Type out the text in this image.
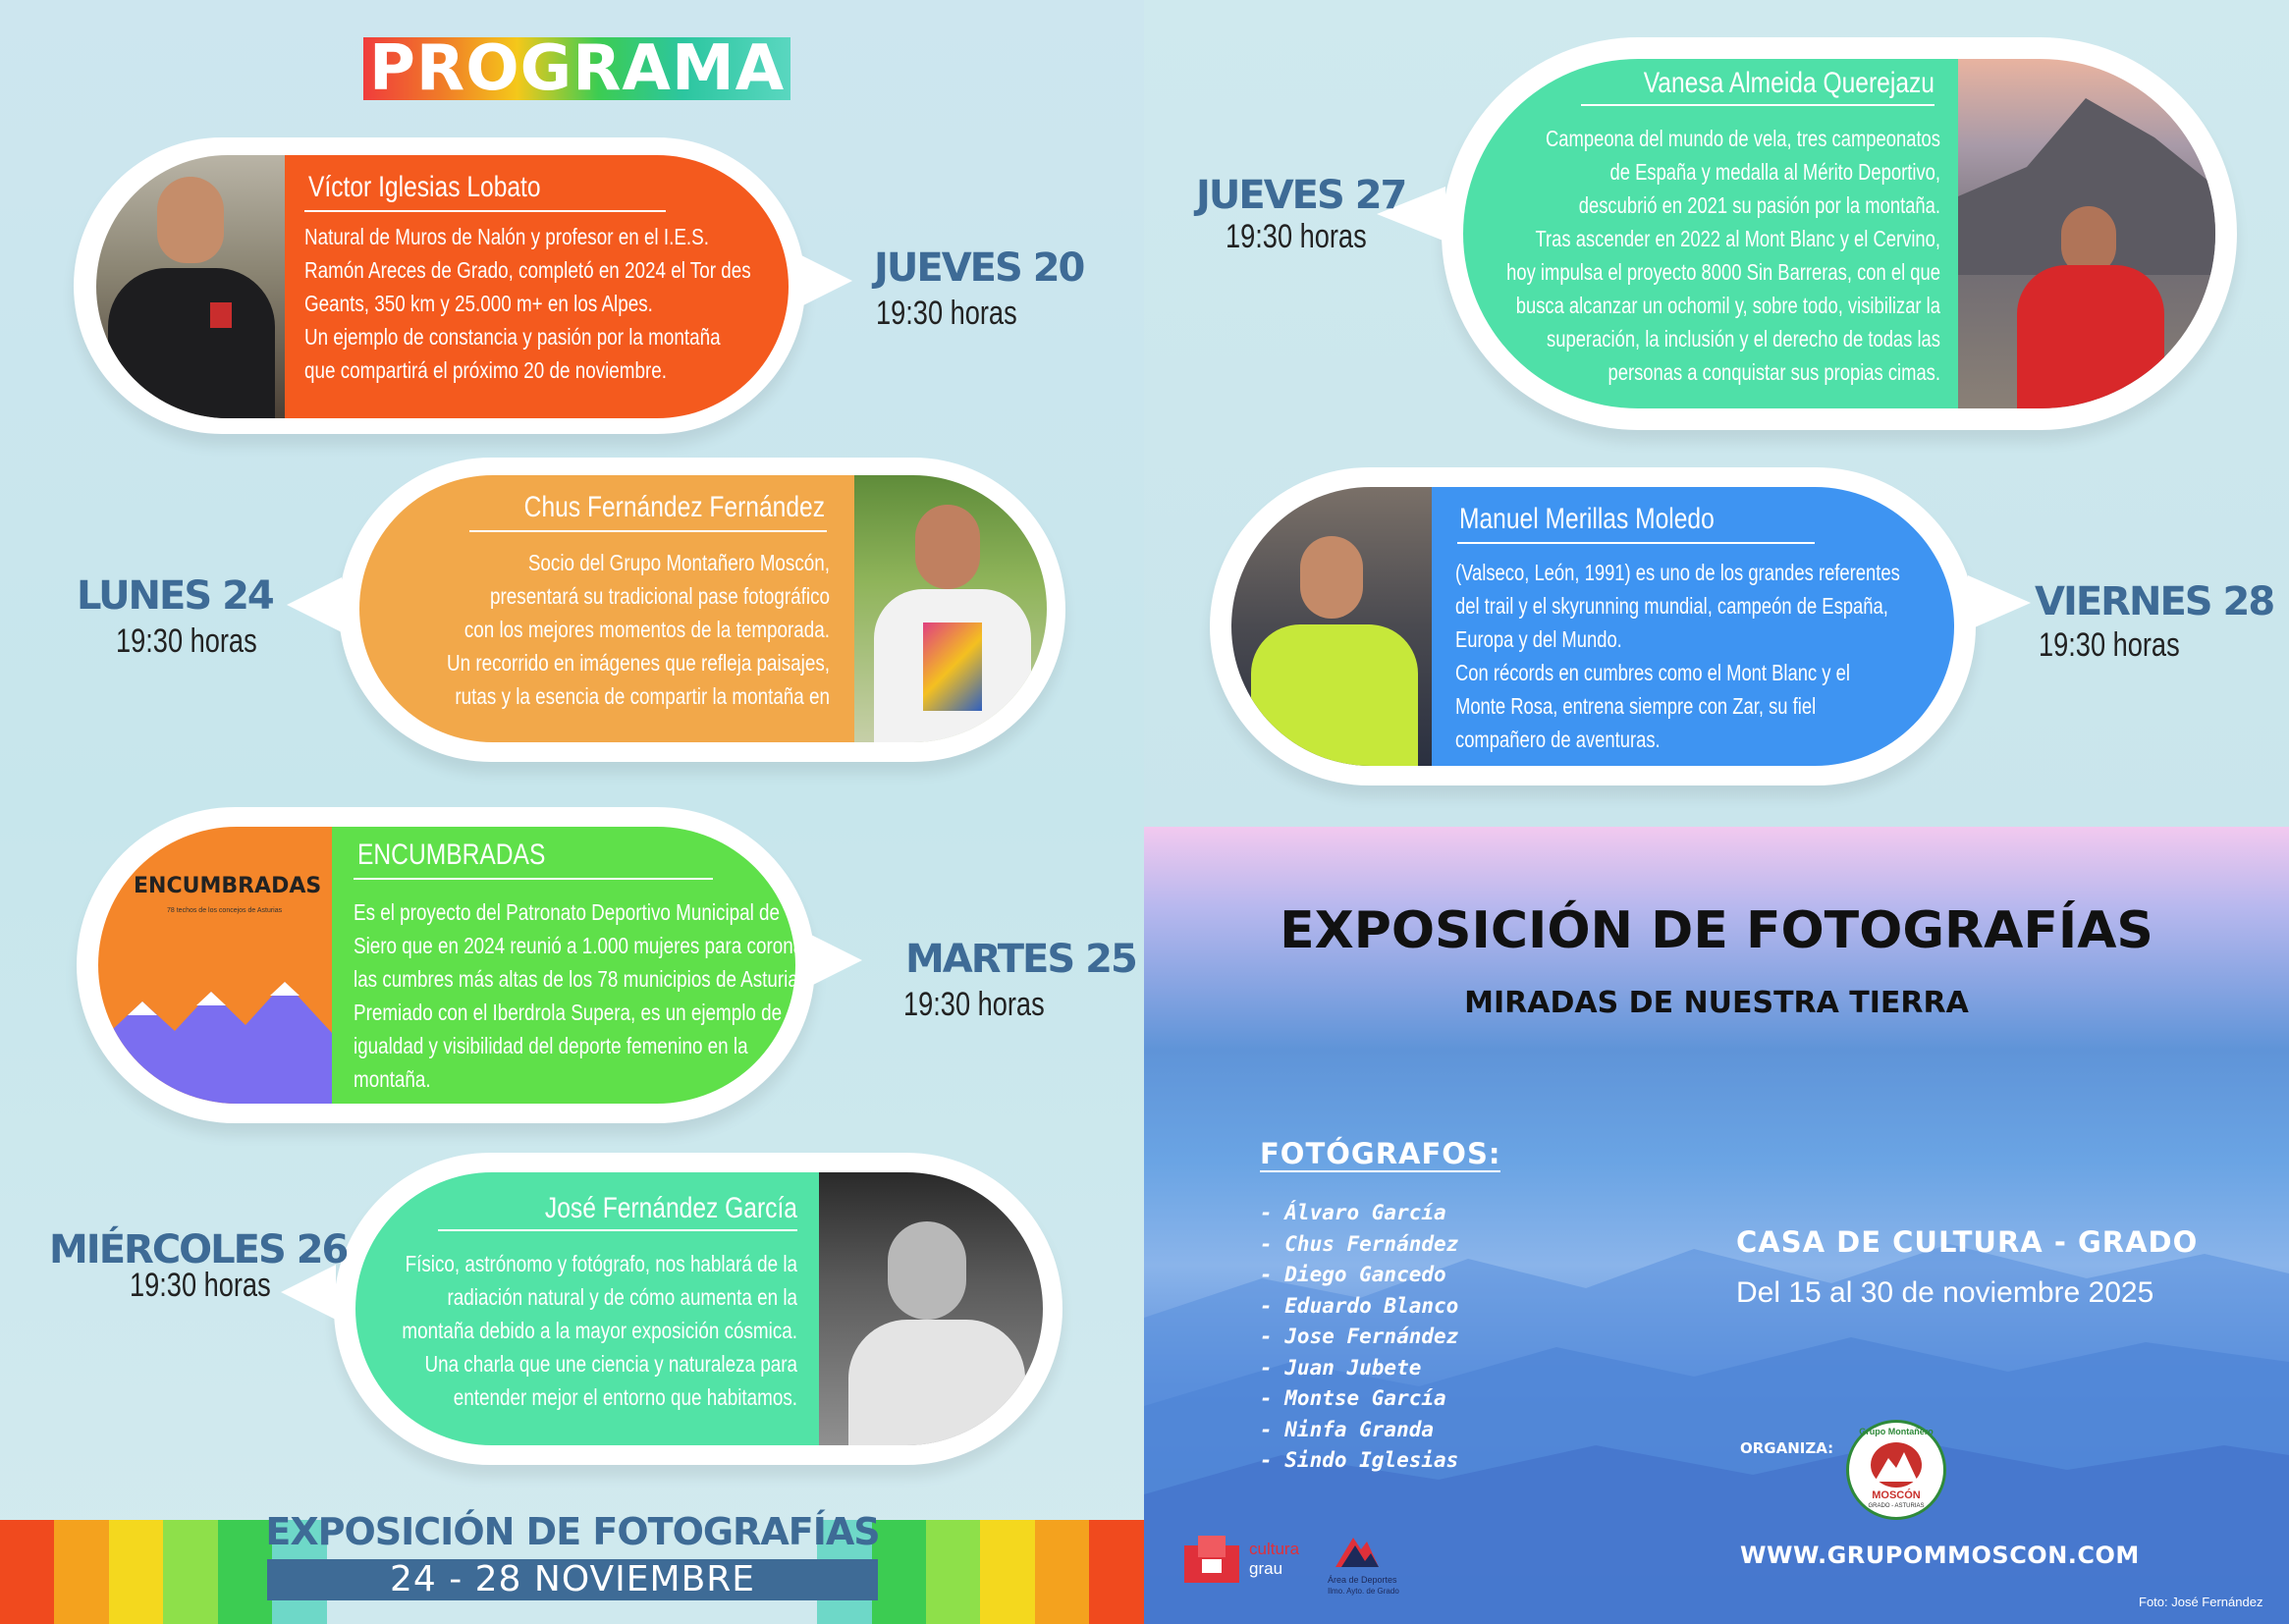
PROGRAMA
Víctor Iglesias Lobato
Natural de Muros de Nalón y profesor en el I.E.S.
Ramón Areces de Grado, completó en 2024 el Tor des
Geants, 350 km y 25.000 m+ en los Alpes.
Un ejemplo de constancia y pasión por la montaña
que compartirá el próximo 20 de noviembre.
JUEVES 20
19:30 horas
Chus Fernández Fernández
Socio del Grupo Montañero Moscón,
presentará su tradicional pase fotográfico
con los mejores momentos de la temporada.
Un recorrido en imágenes que refleja paisajes,
rutas y la esencia de compartir la montaña en
LUNES 24
19:30 horas
ENCUMBRADAS
78 techos de los concejos de Asturias
ENCUMBRADAS
Es el proyecto del Patronato Deportivo Municipal de
Siero que en 2024 reunió a 1.000 mujeres para coronar
las cumbres más altas de los 78 municipios de Asturias.
Premiado con el Iberdrola Supera, es un ejemplo de
igualdad y visibilidad del deporte femenino en la
montaña.
MARTES 25
19:30 horas
José Fernández García
Físico, astrónomo y fotógrafo, nos hablará de la
radiación natural y de cómo aumenta en la
montaña debido a la mayor exposición cósmica.
Una charla que une ciencia y naturaleza para
entender mejor el entorno que habitamos.
MIÉRCOLES 26
19:30 horas
EXPOSICIÓN DE FOTOGRAFÍAS
24 - 28 NOVIEMBRE
Vanesa Almeida Querejazu
Campeona del mundo de vela, tres campeonatos
de España y medalla al Mérito Deportivo,
descubrió en 2021 su pasión por la montaña.
Tras ascender en 2022 al Mont Blanc y el Cervino,
hoy impulsa el proyecto 8000 Sin Barreras, con el que
busca alcanzar un ochomil y, sobre todo, visibilizar la
superación, la inclusión y el derecho de todas las
personas a conquistar sus propias cimas.
JUEVES 27
19:30 horas
Manuel Merillas Moledo
(Valseco, León, 1991) es uno de los grandes referentes
del trail y el skyrunning mundial, campeón de España,
Europa y del Mundo.
Con récords en cumbres como el Mont Blanc y el
Monte Rosa, entrena siempre con Zar, su fiel
compañero de aventuras.
VIERNES 28
19:30 horas
EXPOSICIÓN DE FOTOGRAFÍAS
MIRADAS DE NUESTRA TIERRA
FOTÓGRAFOS:
- Álvaro García
- Chus Fernández
- Diego Gancedo
- Eduardo Blanco
- Jose Fernández
- Juan Jubete
- Montse García
- Ninfa Granda
- Sindo Iglesias
CASA DE CULTURA - GRADO
Del 15 al 30 de noviembre 2025
ORGANIZA:
Grupo Montañero
MOSCÓN
GRADO - ASTURIAS
WWW.GRUPOMMOSCON.COM
Foto: José Fernández
cultura
grau
Área de Deportes
Ilmo. Ayto. de Grado
